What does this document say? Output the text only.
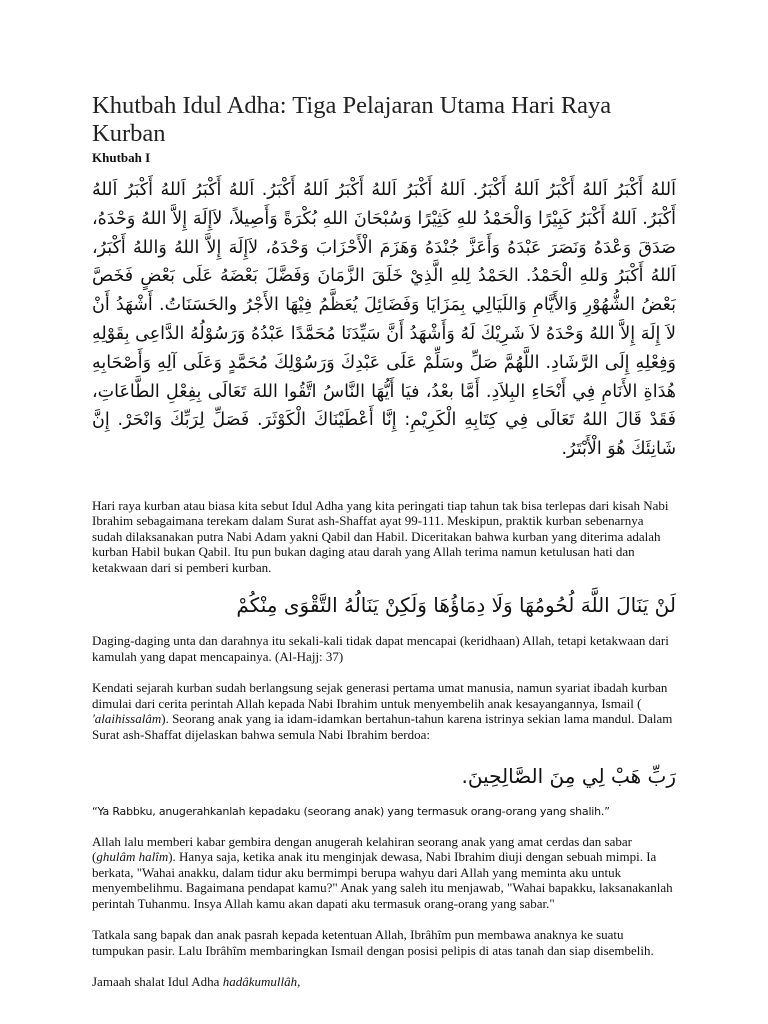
Khutbah Idul Adha: Tiga Pelajaran Utama Hari Raya Kurban
Khutbah I
اَللهُ أَكْبَرُ اَللهُ أَكْبَرُ اَللهُ أَكْبَرُ. اَللهُ أَكْبَرُ اَللهُ أَكْبَرُ اَللهُ أَكْبَرُ. اَللهُ أَكْبَرُ اَللهُ أَكْبَرُ اَللهُ أَكْبَرُ. اَللهُ أَكْبَرُ كَبِيْرًا وَالْحَمْدُ للهِ كَثِيْرًا وَسُبْحَانَ اللهِ بُكْرَةً وَأَصِيلاً، لاَإِلَهَ إِلاَّ اللهُ وَحْدَهُ، صَدَقَ وَعْدَهُ وَنَصَرَ عَبْدَهُ وَأَعَزَّ جُنْدَهُ وَهَزَمَ الْأَحْزَابَ وَحْدَهُ، لاَإِلَهَ إِلاَّ اللهُ وَاللهُ أَكْبَرُ، اَللهُ أَكْبَرُ وَللهِ الْحَمْدُ. الحَمْدُ لِلهِ الَّذِيْ خَلَقَ الزَّمَانَ وَفَضَّلَ بَعْضَهُ عَلَى بَعْضٍ فَخَصَّ بَعْضُ الشُّهُوْرِ وَالأَيَّامِ وَاللَيَالِي بِمَزَايَا وَفَضَائِلَ يُعَظَّمُ فِيْهَا الأَجْرُ والحَسَنَاتُ. أَشْهَدُ أَنْ لاَ إِلَهَ إِلاَّ اللهُ وَحْدَهُ لاَ شَرِيْكَ لَهُ وَأَشْهَدُ أَنَّ سَيِّدَنَا مُحَمَّدًا عَبْدُهُ وَرَسُوْلُهُ الدَّاعِى بِقَوْلِهِ وَفِعْلِهِ إِلَى الرَّشَادِ. اللَّهُمَّ صَلِّ وسَلِّمْ عَلَى عَبْدِكَ وَرَسُوْلِكَ مُحَمَّدٍ وَعَلَى آلِهِ وَأَصْحَابِهِ هُدَاةِ الأَنَامِ فِي أَنْحَاءِ البِلاَدِ. أَمَّا بعْدُ، فيَا أَيُّهَا النَّاسُ اتَّقُوا اللهَ تَعَالَى بِفِعْلِ الطَّاعَاتِ، فَقَدْ قَالَ اللهُ تَعَالَى فِي كِتَابِهِ الْكَرِيْمِ: إِنَّا أَعْطَيْنَاكَ الْكَوْثَرَ. فَصَلِّ لِرَبِّكَ وَانْحَرْ. إِنَّ شَانِئَكَ هُوَ الْأَبْتَرُ.

Hari raya kurban atau biasa kita sebut Idul Adha yang kita peringati tiap tahun tak bisa terlepas dari kisah Nabi Ibrahim sebagaimana terekam dalam Surat ash-Shaffat ayat 99-111. Meskipun, praktik kurban sebenarnya sudah dilaksanakan putra Nabi Adam yakni Qabil dan Habil. Diceritakan bahwa kurban yang diterima adalah kurban Habil bukan Qabil. Itu pun bukan daging atau darah yang Allah terima namun ketulusan hati dan ketakwaan dari si pemberi kurban.

لَنْ يَنَالَ اللَّهَ لُحُومُهَا وَلَا دِمَاؤُهَا وَلَكِنْ يَنَالُهُ التَّقْوَى مِنْكُمْ

Daging-daging unta dan darahnya itu sekali-kali tidak dapat mencapai (keridhaan) Allah, tetapi ketakwaan dari kamulah yang dapat mencapainya. (Al-Hajj: 37)

Kendati sejarah kurban sudah berlangsung sejak generasi pertama umat manusia, namun syariat ibadah kurban dimulai dari cerita perintah Allah kepada Nabi Ibrahim untuk menyembelih anak kesayangannya, Ismail ( 'alaihissalâm). Seorang anak yang ia idam-idamkan bertahun-tahun karena istrinya sekian lama mandul. Dalam Surat ash-Shaffat dijelaskan bahwa semula Nabi Ibrahim berdoa:

رَبِّ هَبْ لِي مِنَ الصَّالِحِينَ.

“Ya Rabbku, anugerahkanlah kepadaku (seorang anak) yang termasuk orang-orang yang shalih.”

Allah lalu memberi kabar gembira dengan anugerah kelahiran seorang anak yang amat cerdas dan sabar (ghulâm halîm). Hanya saja, ketika anak itu menginjak dewasa, Nabi Ibrahim diuji dengan sebuah mimpi. Ia berkata, "Wahai anakku, dalam tidur aku bermimpi berupa wahyu dari Allah yang meminta aku untuk menyembelihmu. Bagaimana pendapat kamu?" Anak yang saleh itu menjawab, "Wahai bapakku, laksanakanlah perintah Tuhanmu. Insya Allah kamu akan dapati aku termasuk orang-orang yang sabar."

Tatkala sang bapak dan anak pasrah kepada ketentuan Allah, Ibrâhîm pun membawa anaknya ke suatu tumpukan pasir. Lalu Ibrâhîm membaringkan Ismail dengan posisi pelipis di atas tanah dan siap disembelih.

Jamaah shalat Idul Adha hadâkumullâh,
